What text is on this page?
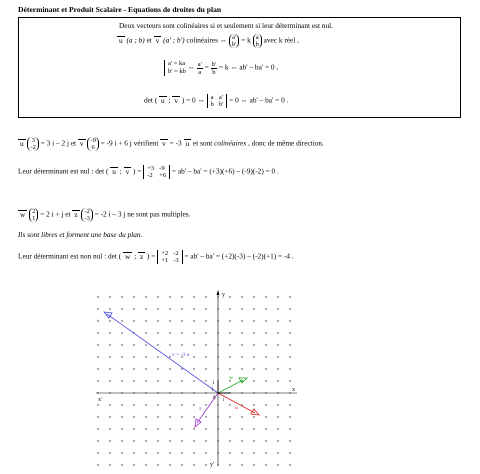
Déterminant et Produit Scalaire - Equations de droites du plan
Deux vecteurs sont colinéaires si et seulement si leur déterminant est nul.
u (a ; b) et v (a' ; b') colinéaires ⇔ a'
b' = k a
b avec k réel ,
a' = ka
b' = kb ⇔ $\frac{a'}{a} = \frac{b'}{b} = k$ ⇔ ab' – ba' = 0 ,
det ( u ; v ) = 0 ⇔ a a'
b b' = 0 ⇔ ab' – ba' = 0 .
u 3
-2 = 3 i – 2 j et v -9
6 = -9 i + 6 j vérifient v = -3 u et sont colinéaires , donc de même direction.
Leur déterminant est nul : det ( u ; v ) = +3 -9
-2 +6 = ab' – ba' = (+3)(+6) – (-9)(-2) = 0 .
w 2
1 = 2 i + j et z -2
-3 = -2 i – 3 j ne sont pas multiples.
Ils sont libres et forment une base du plan.
Leur déterminant est non nul : det ( w ; z ) = +2 -2
+1 -3 = ab' – ba' = (+2)(-3) – (-2)(+1) = -4 .
y
y'
x
x'
1
0
v = -3 u
w
u
z
i
j
